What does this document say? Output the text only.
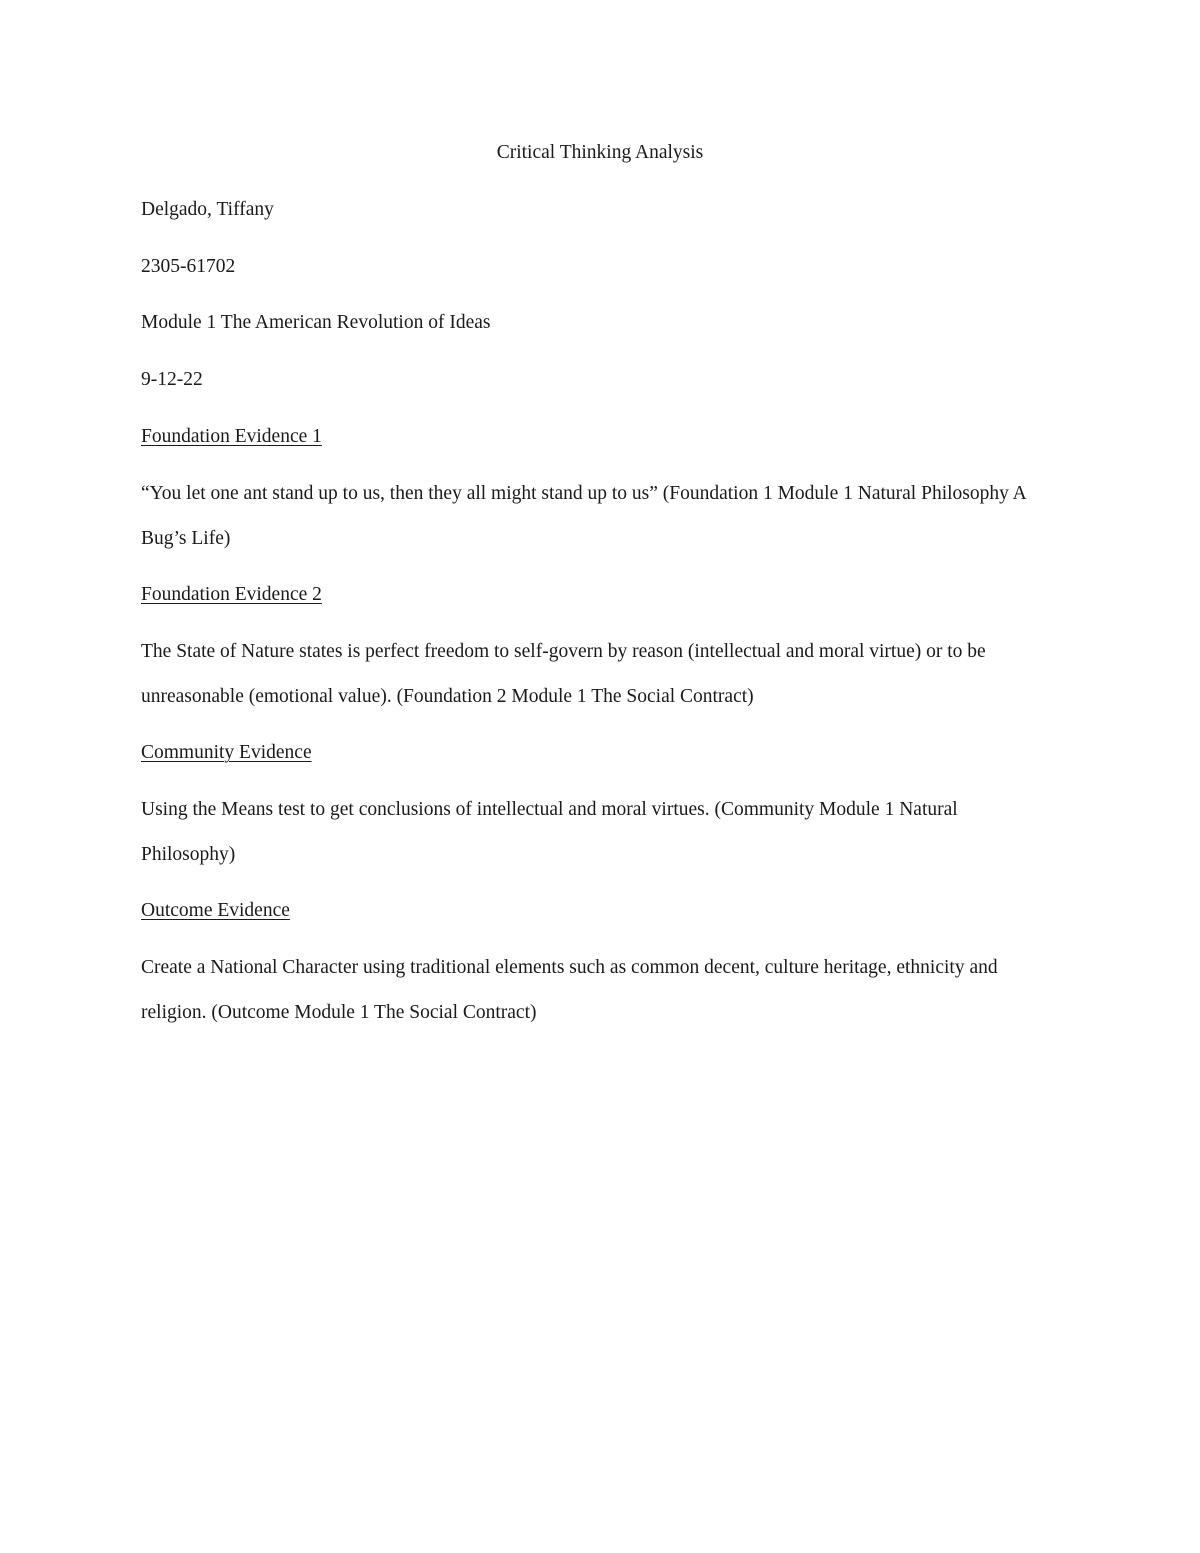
Critical Thinking Analysis
Delgado, Tiffany
2305-61702
Module 1 The American Revolution of Ideas
9-12-22
Foundation Evidence 1
“You let one ant stand up to us, then they all might stand up to us” (Foundation 1 Module 1 Natural Philosophy A Bug’s Life)
Foundation Evidence 2
The State of Nature states is perfect freedom to self-govern by reason (intellectual and moral virtue) or to be unreasonable (emotional value). (Foundation 2 Module 1 The Social Contract)
Community Evidence
Using the Means test to get conclusions of intellectual and moral virtues. (Community Module 1 Natural Philosophy)
Outcome Evidence
Create a National Character using traditional elements such as common decent, culture heritage, ethnicity and religion. (Outcome Module 1 The Social Contract)
